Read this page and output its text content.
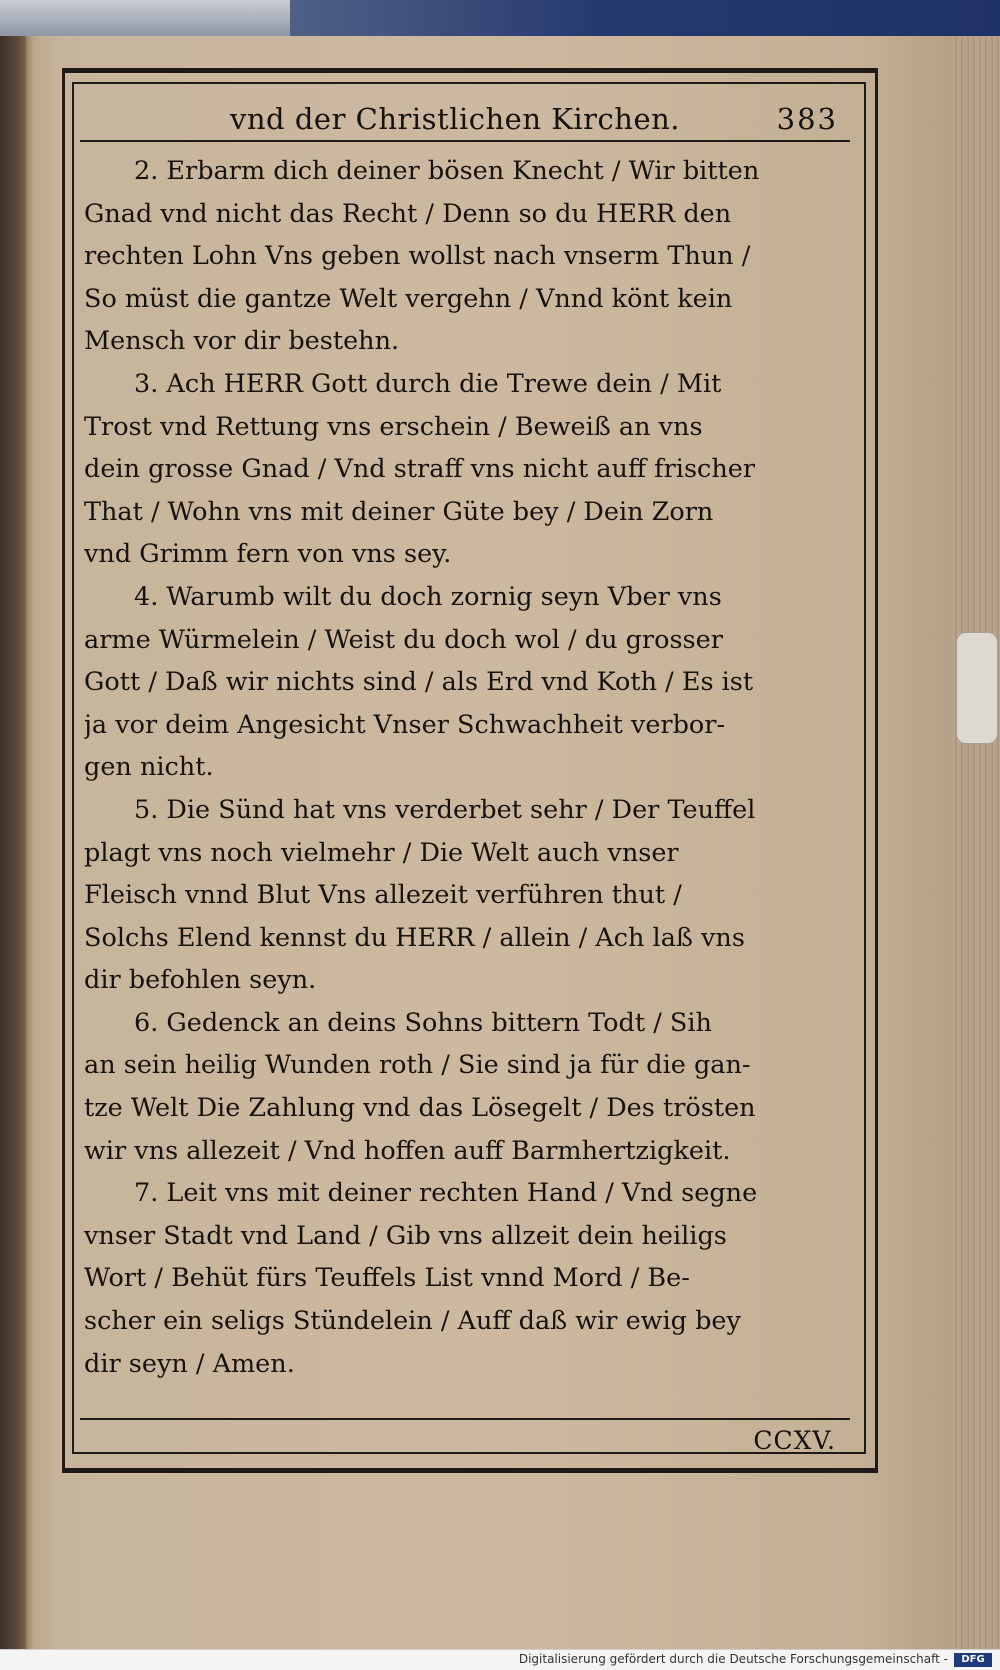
vnd der Christlichen Kirchen.	383
2. Erbarm dich deiner bösen Knecht / Wir bitten
Gnad vnd nicht das Recht / Denn so du HERR den
rechten Lohn Vns geben wollst nach vnserm Thun /
So müst die gantze Welt vergehn / Vnnd könt kein
Mensch vor dir bestehn.
3. Ach HERR Gott durch die Trewe dein / Mit
Trost vnd Rettung vns erschein / Beweiß an vns
dein grosse Gnad / Vnd straff vns nicht auff frischer
That / Wohn vns mit deiner Güte bey / Dein Zorn
vnd Grimm fern von vns sey.
4. Warumb wilt du doch zornig seyn Vber vns
arme Würmelein / Weist du doch wol / du grosser
Gott / Daß wir nichts sind / als Erd vnd Koth / Es ist
ja vor deim Angesicht Vnser Schwachheit verbor-
gen nicht.
5. Die Sünd hat vns verderbet sehr / Der Teuffel
plagt vns noch vielmehr / Die Welt auch vnser
Fleisch vnnd Blut Vns allezeit verführen thut /
Solchs Elend kennst du HERR / allein / Ach laß vns
dir befohlen seyn.
6. Gedenck an deins Sohns bittern Todt / Sih
an sein heilig Wunden roth / Sie sind ja für die gan-
tze Welt Die Zahlung vnd das Lösegelt / Des trösten
wir vns allezeit / Vnd hoffen auff Barmhertzigkeit.
7. Leit vns mit deiner rechten Hand / Vnd segne
vnser Stadt vnd Land / Gib vns allzeit dein heiligs
Wort / Behüt fürs Teuffels List vnnd Mord / Be-
scher ein seligs Stündelein / Auff daß wir ewig bey
dir seyn / Amen.
CCXV.
Digitalisierung gefördert durch die Deutsche Forschungsgemeinschaft -	DFG
